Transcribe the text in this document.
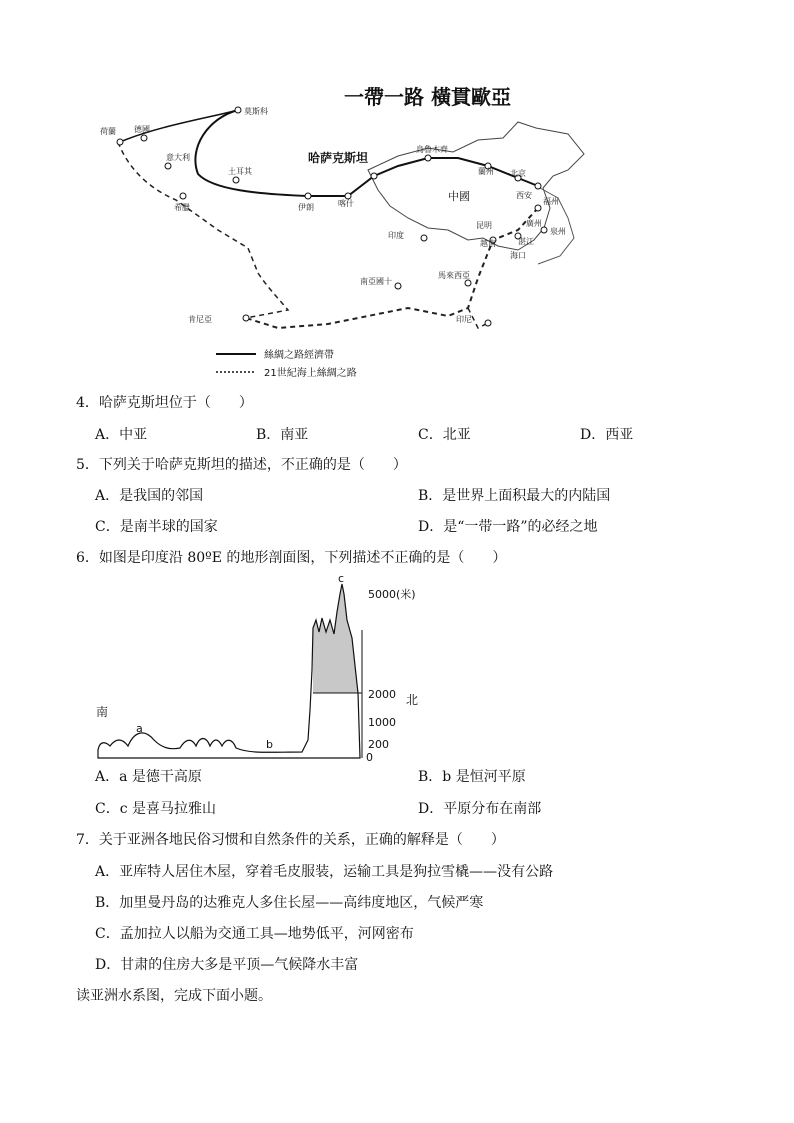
一帶一路 橫貫歐亞
莫斯科
荷蘭 德國
意大利
希臘
土耳其
伊朗	喀什
烏魯木齊
蘭州 北京
西安
福州
泉州
廣州
湛江
海口
昆明
越南
印度
南亞國十
馬來西亞
印尼
肯尼亞
哈萨克斯坦
中國
絲綢之路經濟帶
21世紀海上絲綢之路
4．哈萨克斯坦位于（　　）
A．中亚	B．南亚	C．北亚	D．西亚
5．下列关于哈萨克斯坦的描述，不正确的是（　　）
A．是我国的邻国	B．是世界上面积最大的内陆国
C．是南半球的国家	D．是“一带一路”的必经之地
6．如图是印度沿 80ºE 的地形剖面图，下列描述不正确的是（　　）
南
北
a
b
c
5000(米)
2000
1000
200
0
A．a 是德干高原	B．b 是恒河平原
C．c 是喜马拉雅山	D．平原分布在南部
7．关于亚洲各地民俗习惯和自然条件的关系，正确的解释是（　　）
A．亚库特人居住木屋，穿着毛皮服装，运输工具是狗拉雪橇——没有公路
B．加里曼丹岛的达雅克人多住长屋——高纬度地区，气候严寒
C．孟加拉人以船为交通工具—地势低平，河网密布
D．甘肃的住房大多是平顶—气候降水丰富
读亚洲水系图，完成下面小题。
